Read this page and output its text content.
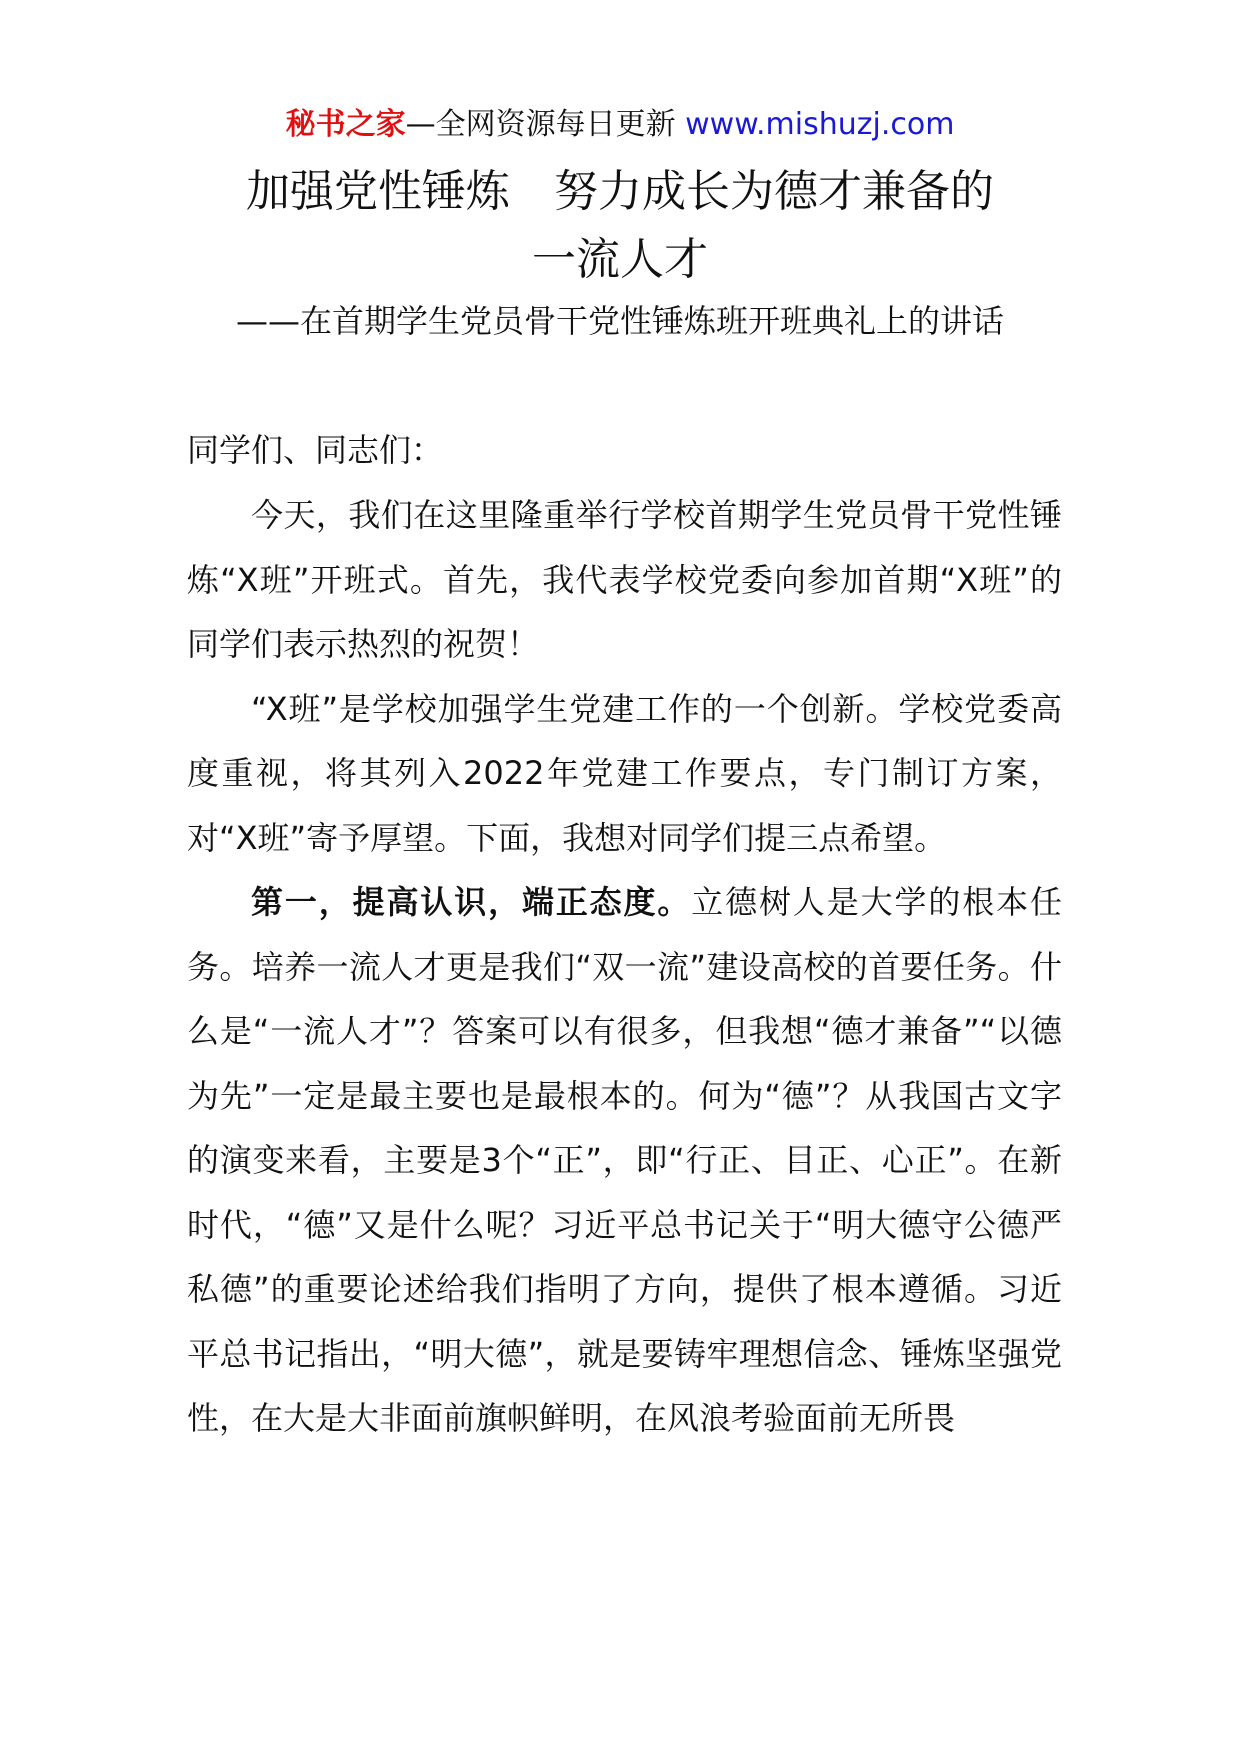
秘书之家—全网资源每日更新 www.mishuzj.com
加强党性锤炼　努力成长为德才兼备的
一流人才
——在首期学生党员骨干党性锤炼班开班典礼上的讲话
同学们、同志们：

今天，我们在这里隆重举行学校首期学生党员骨干党性锤炼“X班”开班式。首先，我代表学校党委向参加首期“X班”的同学们表示热烈的祝贺！

“X班”是学校加强学生党建工作的一个创新。学校党委高度重视，将其列入2022年党建工作要点，专门制订方案，对“X班”寄予厚望。下面，我想对同学们提三点希望。

第一，提高认识，端正态度。立德树人是大学的根本任务。培养一流人才更是我们“双一流”建设高校的首要任务。什么是“一流人才”？答案可以有很多，但我想“德才兼备”“以德为先”一定是最主要也是最根本的。何为“德”？从我国古文字的演变来看，主要是3个“正”，即“行正、目正、心正”。在新时代，“德”又是什么呢？习近平总书记关于“明大德守公德严私德”的重要论述给我们指明了方向，提供了根本遵循。习近平总书记指出，“明大德”，就是要铸牢理想信念、锤炼坚强党性，在大是大非面前旗帜鲜明，在风浪考验面前无所畏
